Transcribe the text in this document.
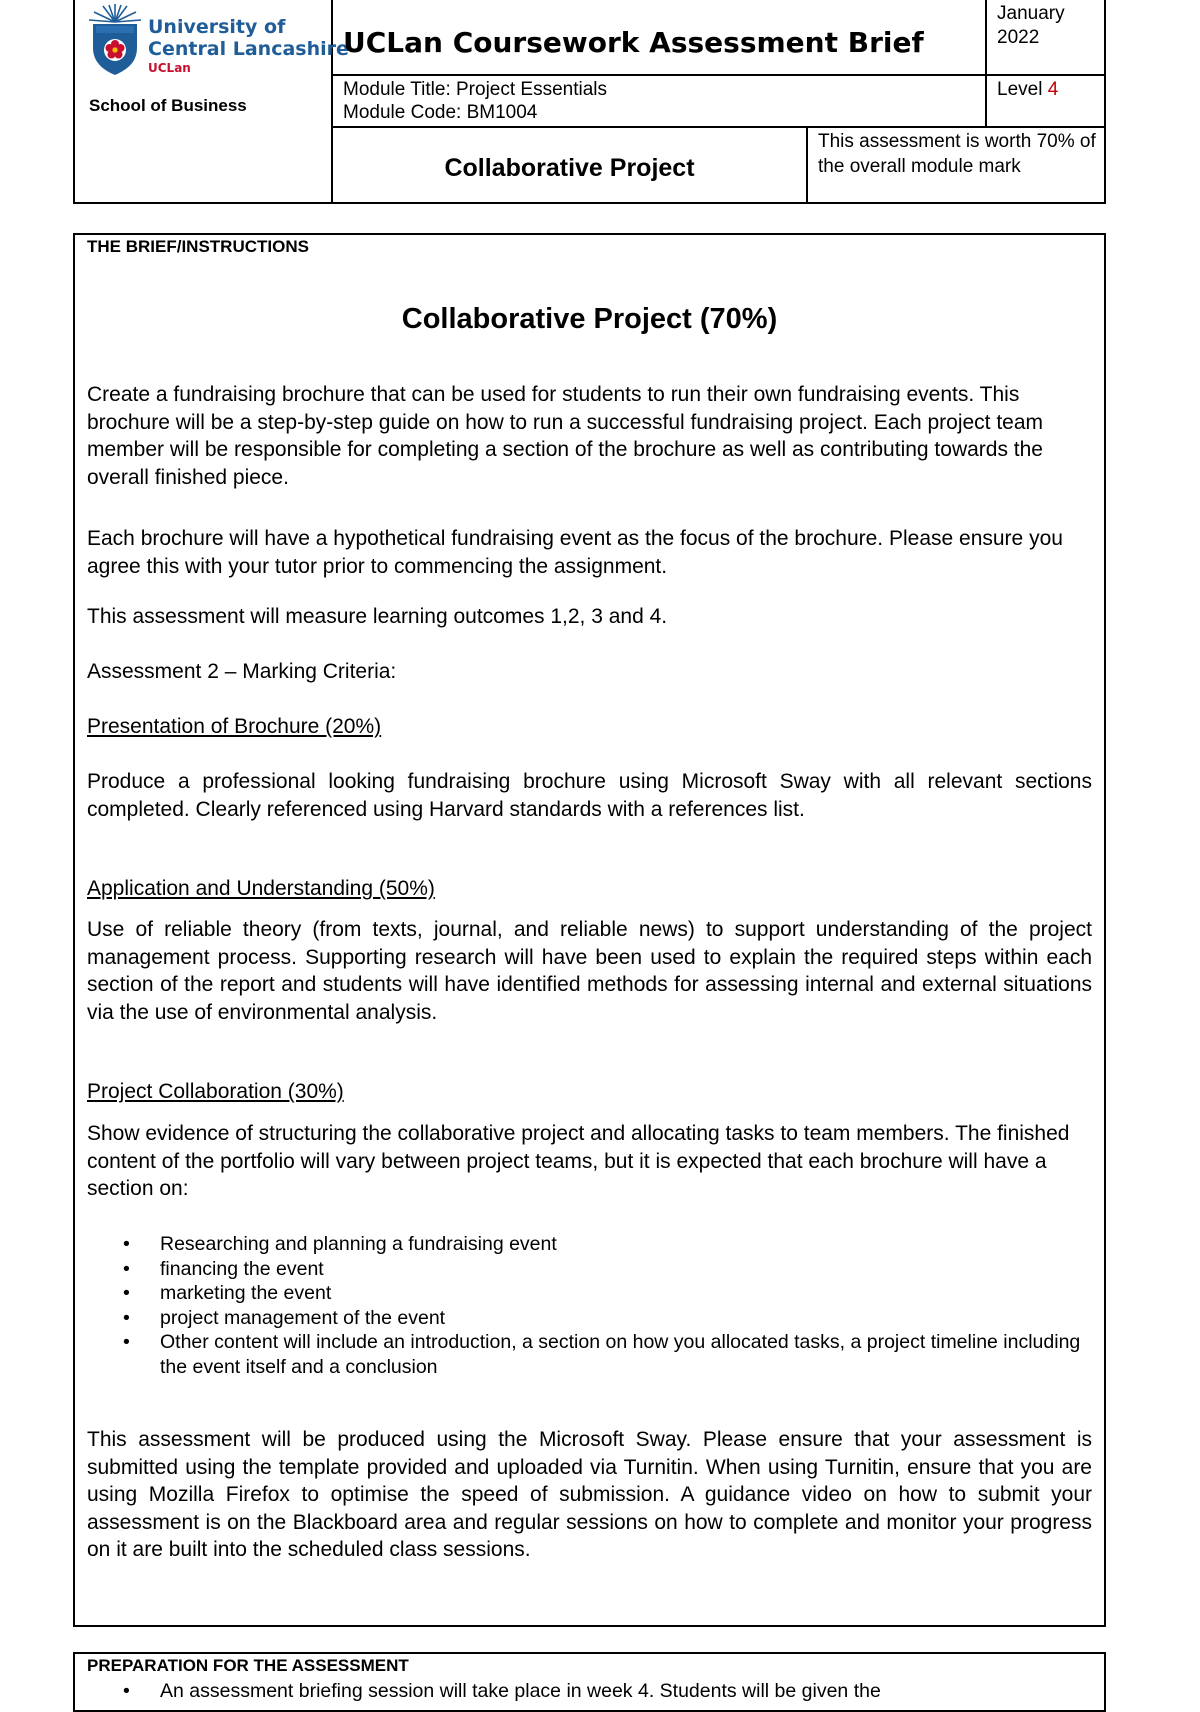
University of
Central Lancashire
UCLan
School of Business
UCLan Coursework Assessment Brief
January
2022
Module Title: Project Essentials
Module Code: BM1004
Level 4
Collaborative Project
This assessment is worth 70% of the overall module mark
THE BRIEF/INSTRUCTIONS
Collaborative Project (70%)
Create a fundraising brochure that can be used for students to run their own fundraising events. This brochure will be a step-by-step guide on how to run a successful fundraising project. Each project team member will be responsible for completing a section of the brochure as well as contributing towards the overall finished piece.
Each brochure will have a hypothetical fundraising event as the focus of the brochure. Please ensure you agree this with your tutor prior to commencing the assignment.
This assessment will measure learning outcomes 1,2, 3 and 4.
Assessment 2 – Marking Criteria:
Presentation of Brochure (20%)
Produce a professional looking fundraising brochure using Microsoft Sway with all relevant sections completed. Clearly referenced using Harvard standards with a references list.
Application and Understanding (50%)
Use of reliable theory (from texts, journal, and reliable news) to support understanding of the project management process. Supporting research will have been used to explain the required steps within each section of the report and students will have identified methods for assessing internal and external situations via the use of environmental analysis.
Project Collaboration (30%)
Show evidence of structuring the collaborative project and allocating tasks to team members. The finished content of the portfolio will vary between project teams, but it is expected that each brochure will have a section on:
• Researching and planning a fundraising event
• financing the event
• marketing the event
• project management of the event
• Other content will include an introduction, a section on how you allocated tasks, a project timeline including the event itself and a conclusion
This assessment will be produced using the Microsoft Sway. Please ensure that your assessment is submitted using the template provided and uploaded via Turnitin. When using Turnitin, ensure that you are using Mozilla Firefox to optimise the speed of submission. A guidance video on how to submit your assessment is on the Blackboard area and regular sessions on how to complete and monitor your progress on it are built into the scheduled class sessions.
PREPARATION FOR THE ASSESSMENT
• An assessment briefing session will take place in week 4. Students will be given the
